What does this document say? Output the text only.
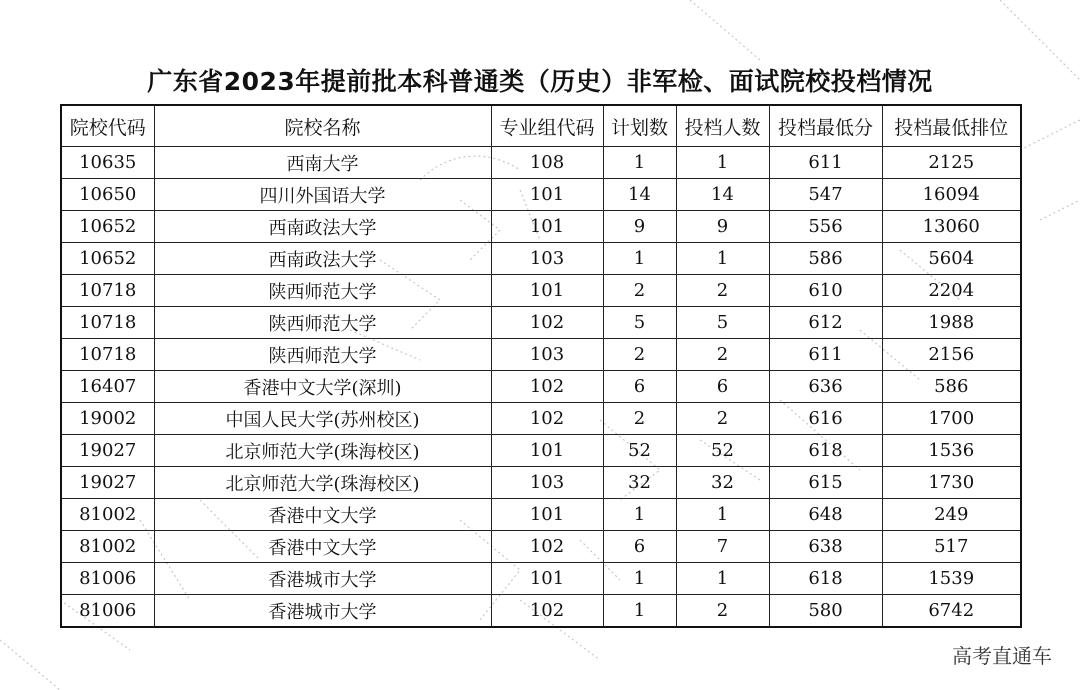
广东省2023年提前批本科普通类（历史）非军检、面试院校投档情况
院校代码	院校名称	专业组代码	计划数	投档人数	投档最低分	投档最低排位
10635	西南大学	108	1	1	611	2125
10650	四川外国语大学	101	14	14	547	16094
10652	西南政法大学	101	9	9	556	13060
10652	西南政法大学	103	1	1	586	5604
10718	陕西师范大学	101	2	2	610	2204
10718	陕西师范大学	102	5	5	612	1988
10718	陕西师范大学	103	2	2	611	2156
16407	香港中文大学(深圳)	102	6	6	636	586
19002	中国人民大学(苏州校区)	102	2	2	616	1700
19027	北京师范大学(珠海校区)	101	52	52	618	1536
19027	北京师范大学(珠海校区)	103	32	32	615	1730
81002	香港中文大学	101	1	1	648	249
81002	香港中文大学	102	6	7	638	517
81006	香港城市大学	101	1	1	618	1539
81006	香港城市大学	102	1	2	580	6742
高考直通车
